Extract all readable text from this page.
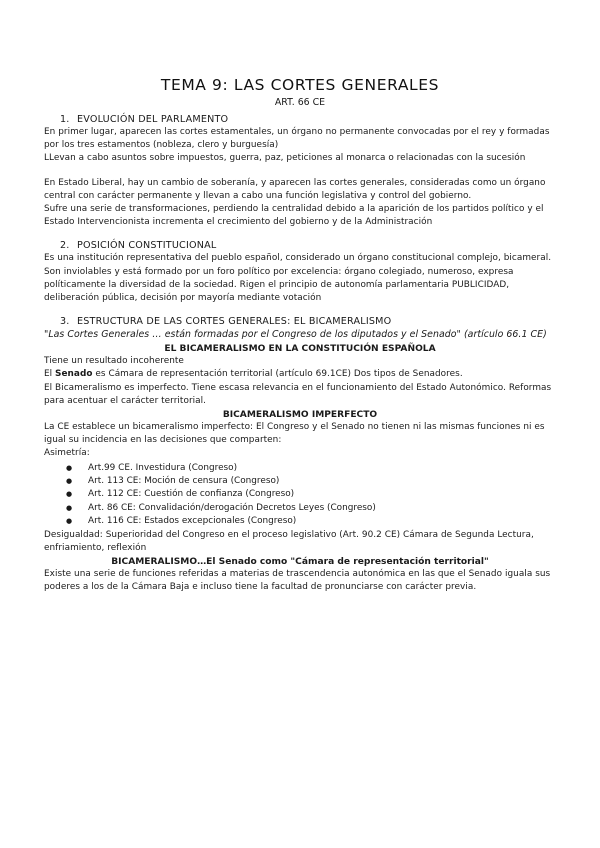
TEMA 9: LAS CORTES GENERALES
ART. 66 CE
1. EVOLUCIÓN DEL PARLAMENTO

En primer lugar, aparecen las cortes estamentales, un órgano no permanente convocadas por el rey y formadas por los tres estamentos (nobleza, clero y burguesía)

LLevan a cabo asuntos sobre impuestos, guerra, paz, peticiones al monarca o relacionadas con la sucesión

En Estado Liberal, hay un cambio de soberanía, y aparecen las cortes generales, consideradas como un órgano central con carácter permanente y llevan a cabo una función legislativa y control del gobierno.

Sufre una serie de transformaciones, perdiendo la centralidad debido a la aparición de los partidos político y el Estado Intervencionista incrementa el crecimiento del gobierno y de la Administración

2. POSICIÓN CONSTITUCIONAL

Es una institución representativa del pueblo español, considerado un órgano constitucional complejo, bicameral. Son inviolables y está formado por un foro político por excelencia: órgano colegiado, numeroso, expresa políticamente la diversidad de la sociedad. Rigen el principio de autonomía parlamentaria PUBLICIDAD, deliberación pública, decisión por mayoría mediante votación

3. ESTRUCTURA DE LAS CORTES GENERALES: EL BICAMERALISMO

"Las Cortes Generales … están formadas por el Congreso de los diputados y el Senado" (artículo 66.1 CE)

EL BICAMERALISMO EN LA CONSTITUCIÓN ESPAÑOLA

Tiene un resultado incoherente

El Senado es Cámara de representación territorial (artículo 69.1CE) Dos tipos de Senadores.

El Bicameralismo es imperfecto. Tiene escasa relevancia en el funcionamiento del Estado Autonómico. Reformas para acentuar el carácter territorial.

BICAMERALISMO IMPERFECTO

La CE establece un bicameralismo imperfecto: El Congreso y el Senado no tienen ni las mismas funciones ni es igual su incidencia en las decisiones que comparten:

Asimetría:

● Art.99 CE. Investidura (Congreso)
● Art. 113 CE: Moción de censura (Congreso)
● Art. 112 CE: Cuestión de confianza (Congreso)
● Art. 86 CE: Convalidación/derogación Decretos Leyes (Congreso)
● Art. 116 CE: Estados excepcionales (Congreso)

Desigualdad: Superioridad del Congreso en el proceso legislativo (Art. 90.2 CE) Cámara de Segunda Lectura, enfriamiento, reflexión

BICAMERALISMO…El Senado como "Cámara de representación territorial"

Existe una serie de funciones referidas a materias de trascendencia autonómica en las que el Senado iguala sus poderes a los de la Cámara Baja e incluso tiene la facultad de pronunciarse con carácter previa.
